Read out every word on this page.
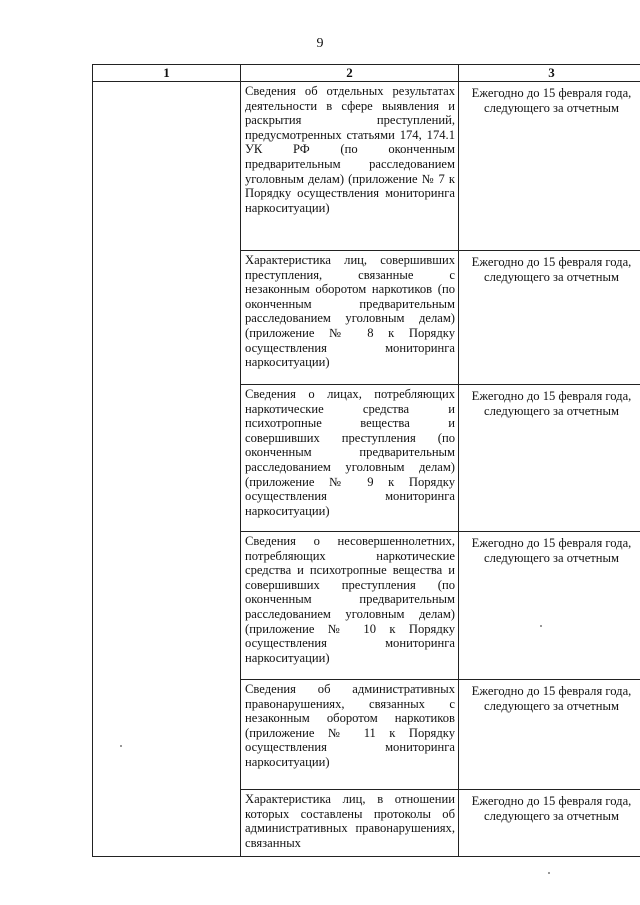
9
1	2	3
	Сведения об отдельных результатах деятельности в сфере выявления и раскрытия преступлений, предусмотренных статьями 174, 174.1 УК РФ (по оконченным предварительным расследованием уголовным делам) (приложение № 7 к Порядку осуществления мониторинга наркоситуации)	Ежегодно до 15 февраля года, следующего за отчетным
	Характеристика лиц, совершивших преступления, связанные с незаконным оборотом наркотиков (по оконченным предварительным расследованием уголовным делам) (приложение № 8 к Порядку осуществления мониторинга наркоситуации)	Ежегодно до 15 февраля года, следующего за отчетным
	Сведения о лицах, потребляющих наркотические средства и психотропные вещества и совершивших преступления (по оконченным предварительным расследованием уголовным делам) (приложение № 9 к Порядку осуществления мониторинга наркоситуации)	Ежегодно до 15 февраля года, следующего за отчетным
	Сведения о несовершеннолетних, потребляющих наркотические средства и психотропные вещества и совершивших преступления (по оконченным предварительным расследованием уголовным делам) (приложение № 10 к Порядку осуществления мониторинга наркоситуации)	Ежегодно до 15 февраля года, следующего за отчетным
	Сведения об административных правонарушениях, связанных с незаконным оборотом наркотиков (приложение № 11 к Порядку осуществления мониторинга наркоситуации)	Ежегодно до 15 февраля года, следующего за отчетным
	Характеристика лиц, в отношении которых составлены протоколы об административных правонарушениях, связанных	Ежегодно до 15 февраля года, следующего за отчетным
